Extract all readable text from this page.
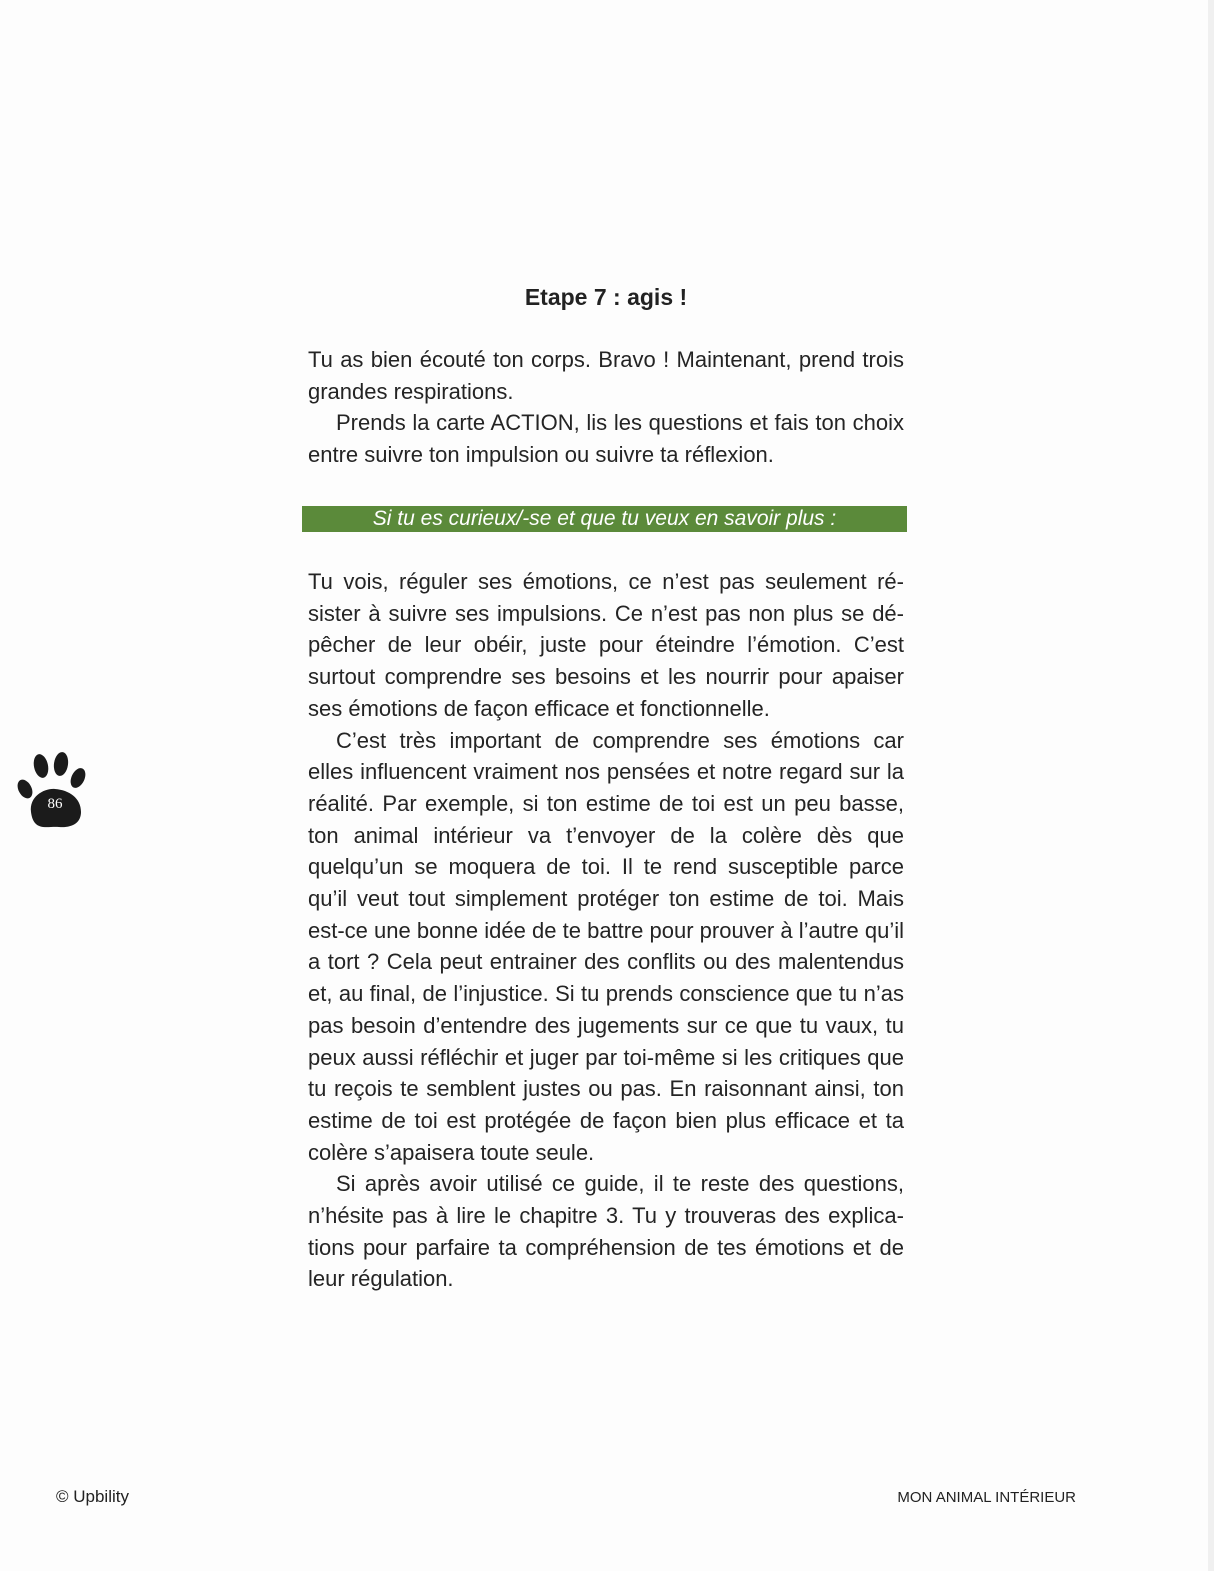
Etape 7 : agis !

Tu as bien écouté ton corps. Bravo ! Maintenant, prend trois grandes respirations.

Prends la carte ACTION, lis les questions et fais ton choix entre suivre ton impulsion ou suivre ta réflexion.

Si tu es curieux/-se et que tu veux en savoir plus :

Tu vois, réguler ses émotions, ce n’est pas seulement résister à suivre ses impulsions. Ce n’est pas non plus se dépêcher de leur obéir, juste pour éteindre l’émotion. C’est surtout comprendre ses besoins et les nourrir pour apaiser ses émotions de façon efficace et fonctionnelle.

C’est très important de comprendre ses émotions car elles influencent vraiment nos pensées et notre regard sur la réalité. Par exemple, si ton estime de toi est un peu basse, ton animal intérieur va t’envoyer de la colère dès que quelqu’un se moquera de toi. Il te rend susceptible parce qu’il veut tout simplement protéger ton estime de toi. Mais est-ce une bonne idée de te battre pour prouver à l’autre qu’il a tort ? Cela peut entrainer des conflits ou des malentendus et, au final, de l’injustice. Si tu prends conscience que tu n’as pas besoin d’entendre des jugements sur ce que tu vaux, tu peux aussi réfléchir et juger par toi-même si les critiques que tu reçois te semblent justes ou pas. En raisonnant ainsi, ton estime de toi est protégée de façon bien plus efficace et ta colère s’apaisera toute seule.

Si après avoir utilisé ce guide, il te reste des questions, n’hésite pas à lire le chapitre 3. Tu y trouveras des explications pour parfaire ta compréhension de tes émotions et de leur régulation.

86
© Upbility	MON ANIMAL INTÉRIEUR
